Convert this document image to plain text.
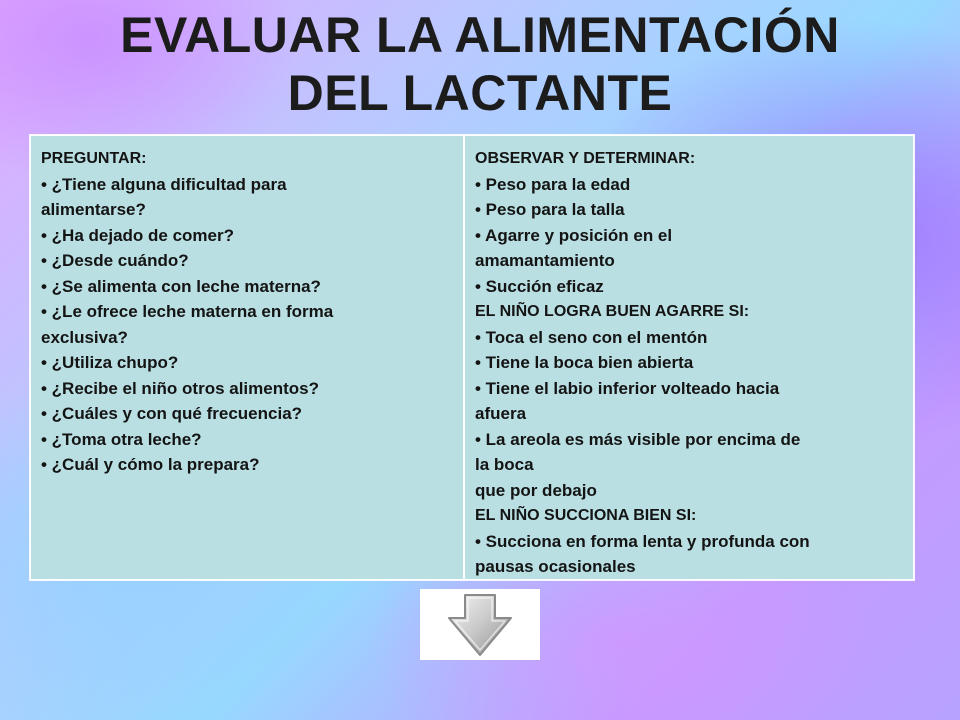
EVALUAR LA ALIMENTACIÓN
DEL LACTANTE
PREGUNTAR:
• ¿Tiene alguna dificultad para
alimentarse?
• ¿Ha dejado de comer?
• ¿Desde cuándo?
• ¿Se alimenta con leche materna?
• ¿Le ofrece leche materna en forma
exclusiva?
• ¿Utiliza chupo?
• ¿Recibe el niño otros alimentos?
• ¿Cuáles y con qué frecuencia?
• ¿Toma otra leche?
• ¿Cuál y cómo la prepara?
OBSERVAR Y DETERMINAR:
• Peso para la edad
• Peso para la talla
• Agarre y posición en el
amamantamiento
• Succión eficaz
EL NIÑO LOGRA BUEN AGARRE SI:
• Toca el seno con el mentón
• Tiene la boca bien abierta
• Tiene el labio inferior volteado hacia
afuera
• La areola es más visible por encima de
la boca
que por debajo
EL NIÑO SUCCIONA BIEN SI:
• Succiona en forma lenta y profunda con
pausas ocasionales
